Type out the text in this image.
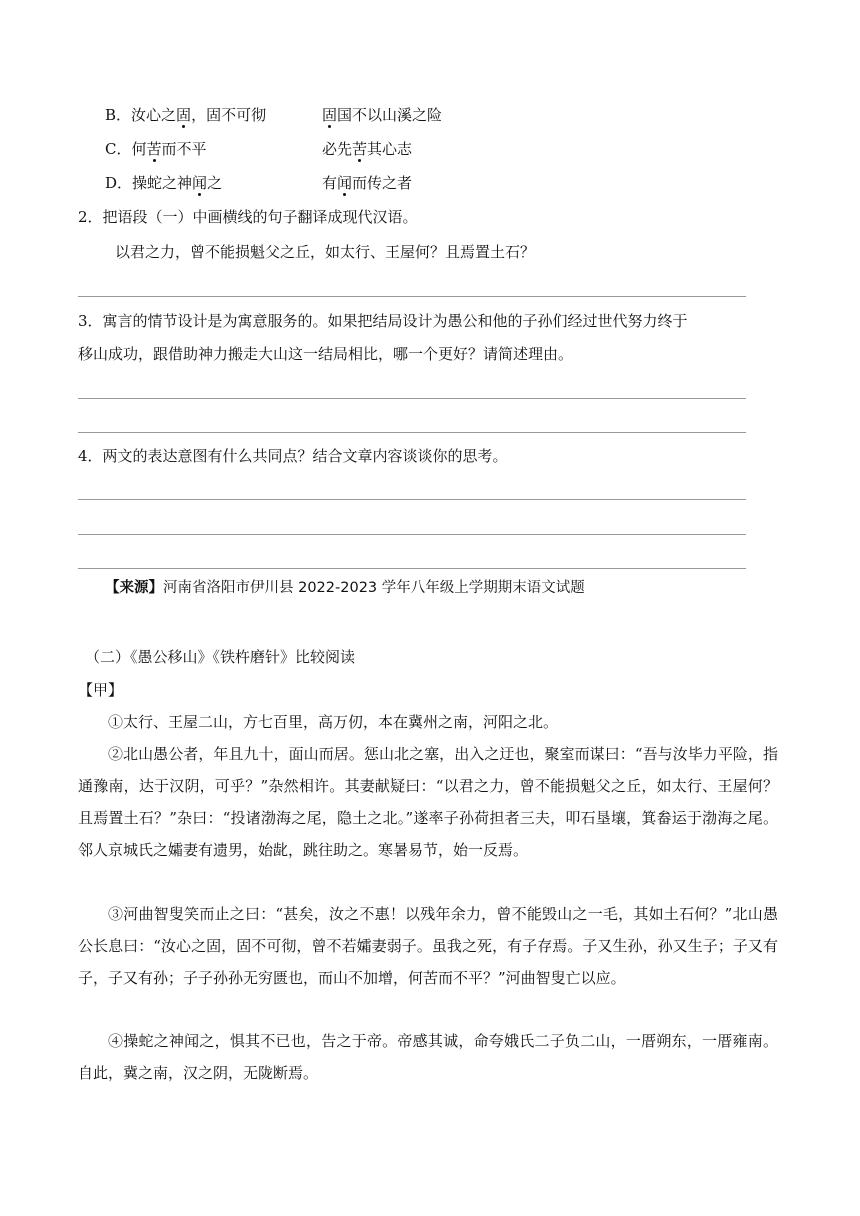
B．汝心之固，固不可彻	固国不以山溪之险
C．何苦而不平	必先苦其心志
D．操蛇之神闻之	有闻而传之者
2．把语段（一）中画横线的句子翻译成现代汉语。
以君之力，曾不能损魁父之丘，如太行、王屋何？且焉置土石？
3．寓言的情节设计是为寓意服务的。如果把结局设计为愚公和他的子孙们经过世代努力终于
移山成功，跟借助神力搬走大山这一结局相比，哪一个更好？请简述理由。
4．两文的表达意图有什么共同点？结合文章内容谈谈你的思考。
【来源】河南省洛阳市伊川县 2022-2023 学年八年级上学期期末语文试题
（二）《愚公移山》《铁杵磨针》比较阅读
【甲】
①太行、王屋二山，方七百里，高万仞，本在冀州之南，河阳之北。
②北山愚公者，年且九十，面山而居。惩山北之塞，出入之迂也，聚室而谋曰：“吾与汝毕力平险，指通豫南，达于汉阴，可乎？”杂然相许。其妻献疑曰：“以君之力，曾不能损魁父之丘，如太行、王屋何？且焉置土石？”杂曰：“投诸渤海之尾，隐土之北。”遂率子孙荷担者三夫，叩石垦壤，箕畚运于渤海之尾。邻人京城氏之孀妻有遗男，始龀，跳往助之。寒暑易节，始一反焉。
③河曲智叟笑而止之曰：“甚矣，汝之不惠！以残年余力，曾不能毁山之一毛，其如土石何？”北山愚公长息曰：“汝心之固，固不可彻，曾不若孀妻弱子。虽我之死，有子存焉。子又生孙，孙又生子；子又有子，子又有孙；子子孙孙无穷匮也，而山不加增，何苦而不平？”河曲智叟亡以应。
④操蛇之神闻之，惧其不已也，告之于帝。帝感其诚，命夸娥氏二子负二山，一厝朔东，一厝雍南。自此，冀之南，汉之阴，无陇断焉。
